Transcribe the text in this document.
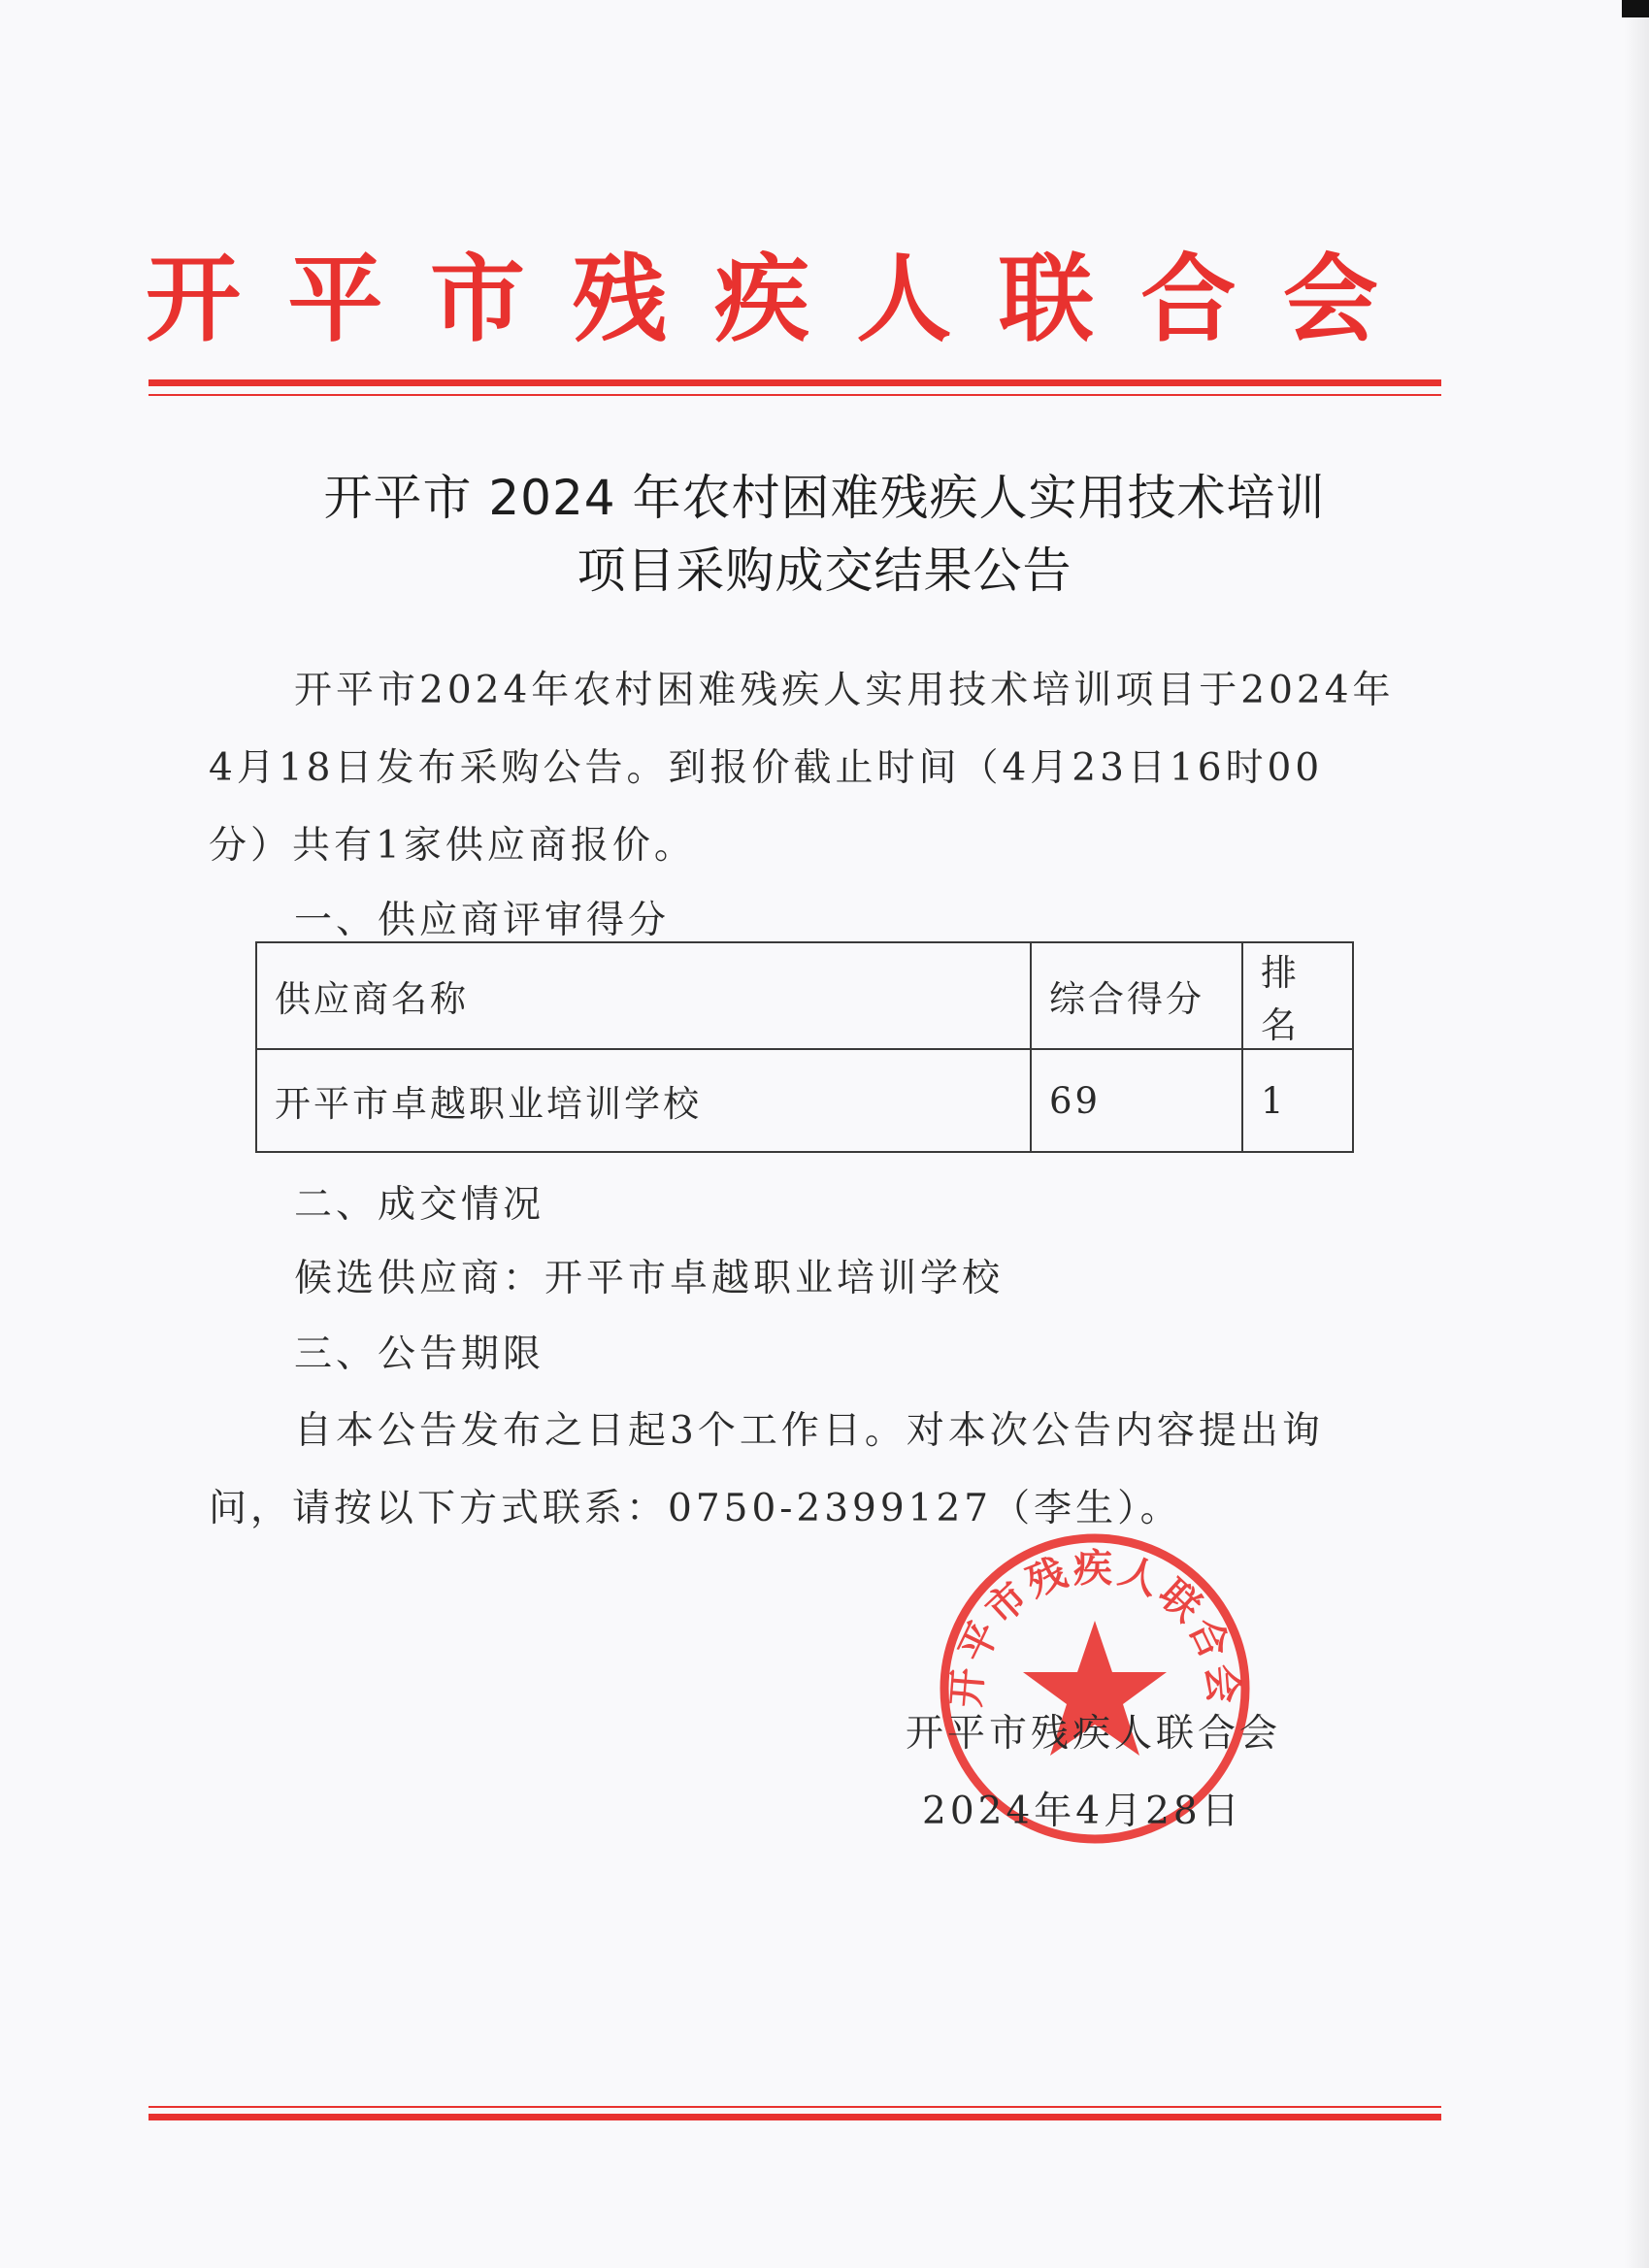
开 平 市 残 疾 人 联 合 会
开平市 2024 年农村困难残疾人实用技术培训
项目采购成交结果公告
开平市2024年农村困难残疾人实用技术培训项目于2024年
4月18日发布采购公告。到报价截止时间（4月23日16时00
分）共有1家供应商报价。
一、供应商评审得分
供应商名称	综合得分	排名
开平市卓越职业培训学校	69	1
二、成交情况
候选供应商：开平市卓越职业培训学校
三、公告期限
自本公告发布之日起3个工作日。对本次公告内容提出询
问，请按以下方式联系：0750-2399127（李生）。
开平市残疾人联合会
开平市残疾人联合会
2024年4月28日
